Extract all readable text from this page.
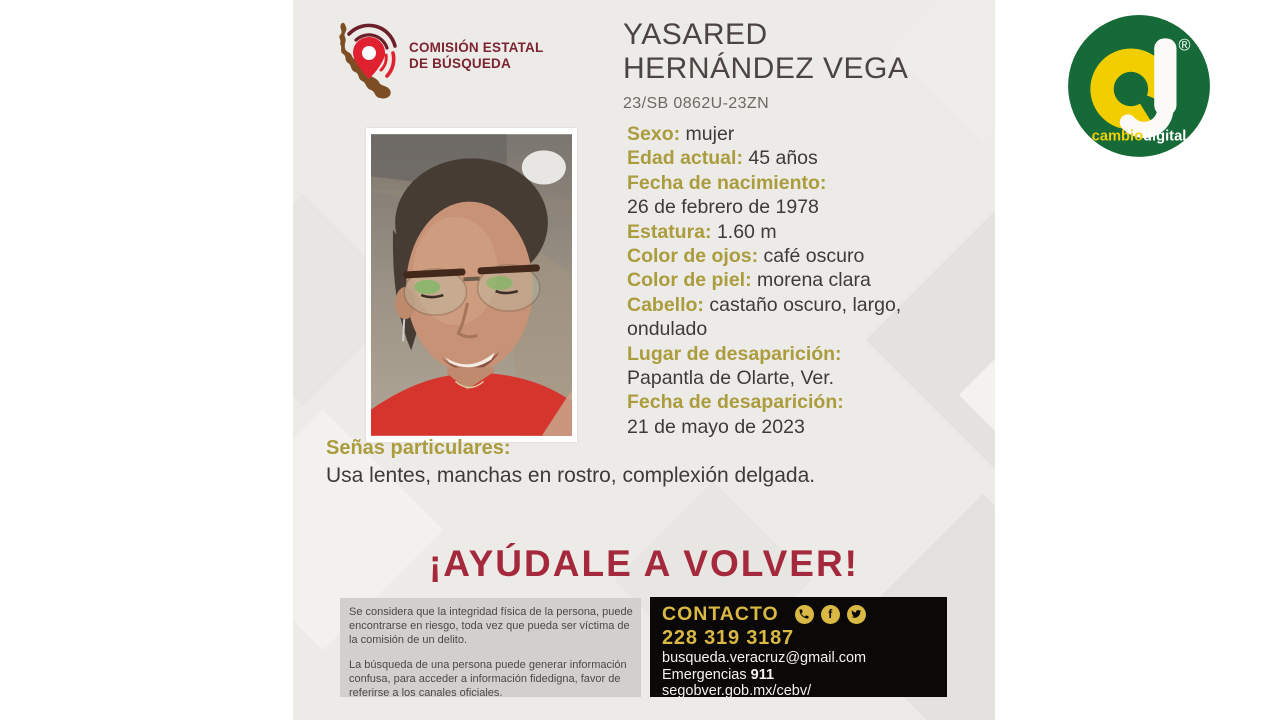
COMISIÓN ESTATAL
DE BÚSQUEDA
YASARED
HERNÁNDEZ VEGA
23/SB 0862U-23ZN
Sexo: mujer
Edad actual: 45 años
Fecha de nacimiento:
26 de febrero de 1978
Estatura: 1.60 m
Color de ojos: café oscuro
Color de piel: morena clara
Cabello: castaño oscuro, largo, ondulado
Lugar de desaparición:
Papantla de Olarte, Ver.
Fecha de desaparición:
21 de mayo de 2023
Señas particulares:
Usa lentes, manchas en rostro, complexión delgada.
¡AYÚDALE A VOLVER!

Se considera que la integridad física de la persona, puede encontrarse en riesgo, toda vez que pueda ser víctima de la comisión de un delito.

La búsqueda de una persona puede generar información confusa, para acceder a información fidedigna, favor de referirse a los canales oficiales.

CONTACTO	f
228 319 3187
busqueda.veracruz@gmail.com
Emergencias 911
segobver.gob.mx/cebv/
®
cambiodigital
